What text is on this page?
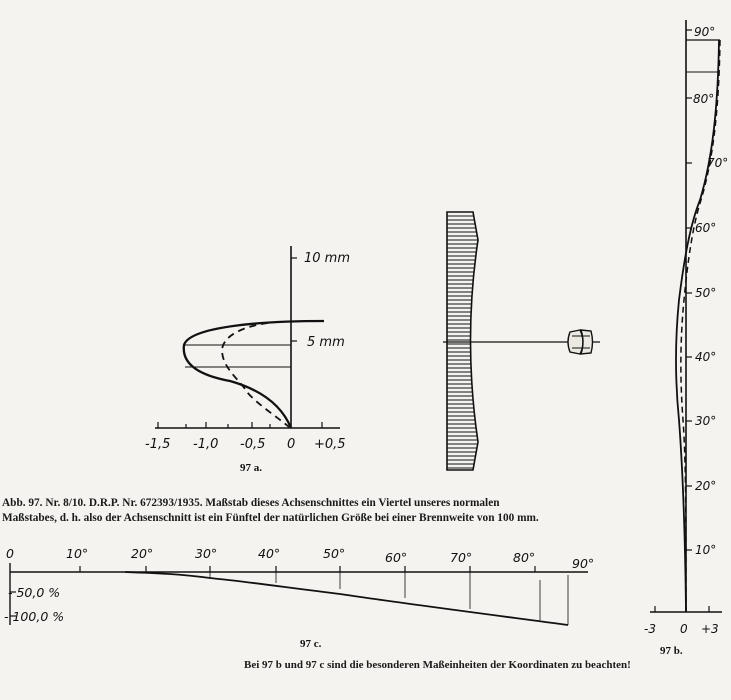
10 mm
5 mm
-1,5 -1,0 -0,5 0 +0,5
97 a.
90°
80°
70°
60°
50°
40°
30°
20°
10°
-3 0 +3
97 b.
0	10°	20°	30°	40°	50°	60°	70°	80°	90°
- 50,0 %
- 100,0 %
97 c.
Abb. 97. Nr. 8/10. D.R.P. Nr. 672393/1935. Maßstab dieses Achsenschnittes ein Viertel unseres normalen
Maßstabes, d. h. also der Achsenschnitt ist ein Fünftel der natürlichen Größe bei einer Brennweite von 100 mm.
Bei 97 b und 97 c sind die besonderen Maßeinheiten der Koordinaten zu beachten!
